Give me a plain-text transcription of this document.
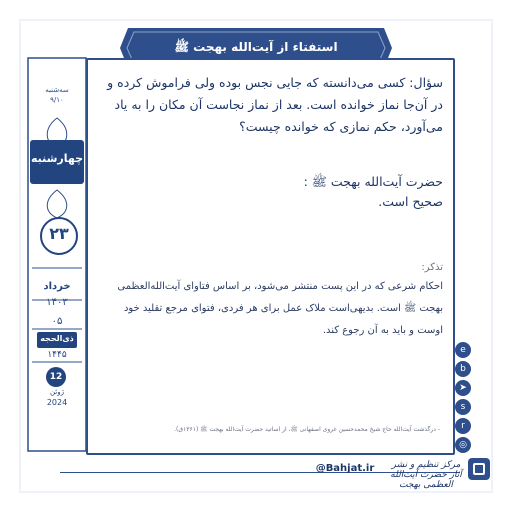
استفتاء از آیت‌الله بهجت ﷺ
سؤال: کسی می‌دانسته که جایی نجس بوده ولی فراموش کرده و در آن‌جا نماز خوانده است. بعد از نماز نجاست آن مکان را به یاد می‌آورد، حکم نمازی که خوانده چیست؟
حضرت آیت‌الله بهجت ﷺ :
صحیح است.
تذکر:
احکام شرعی که در این پست منتشر می‌شود، بر اساس فتاوای آیت‌الله‌العظمی بهجت ﷺ است. بدیهی‌است ملاک عمل برای هر فردی، فتوای مرجع تقلید خود اوست و باید به آن رجوع کند.
- درگذشت آیت‌الله حاج شیخ محمدحسین غروی اصفهانی ﷺ، از اساتید حضرت آیت‌الله بهجت ﷺ (۱۳۶۱ق).
سه‌شنبه
۹/۱۰
چهارشنبه
۲۳
خرداد
۱۴۰۳
۰۵
ذی‌الحجه
۱۴۴۵
12
ژوئن
2024
e
b
➤
s
r
◎
@Bahjat.ir	مرکز تنظیم و نشر آثار حضرت آیت‌الله العظمی بهجت
